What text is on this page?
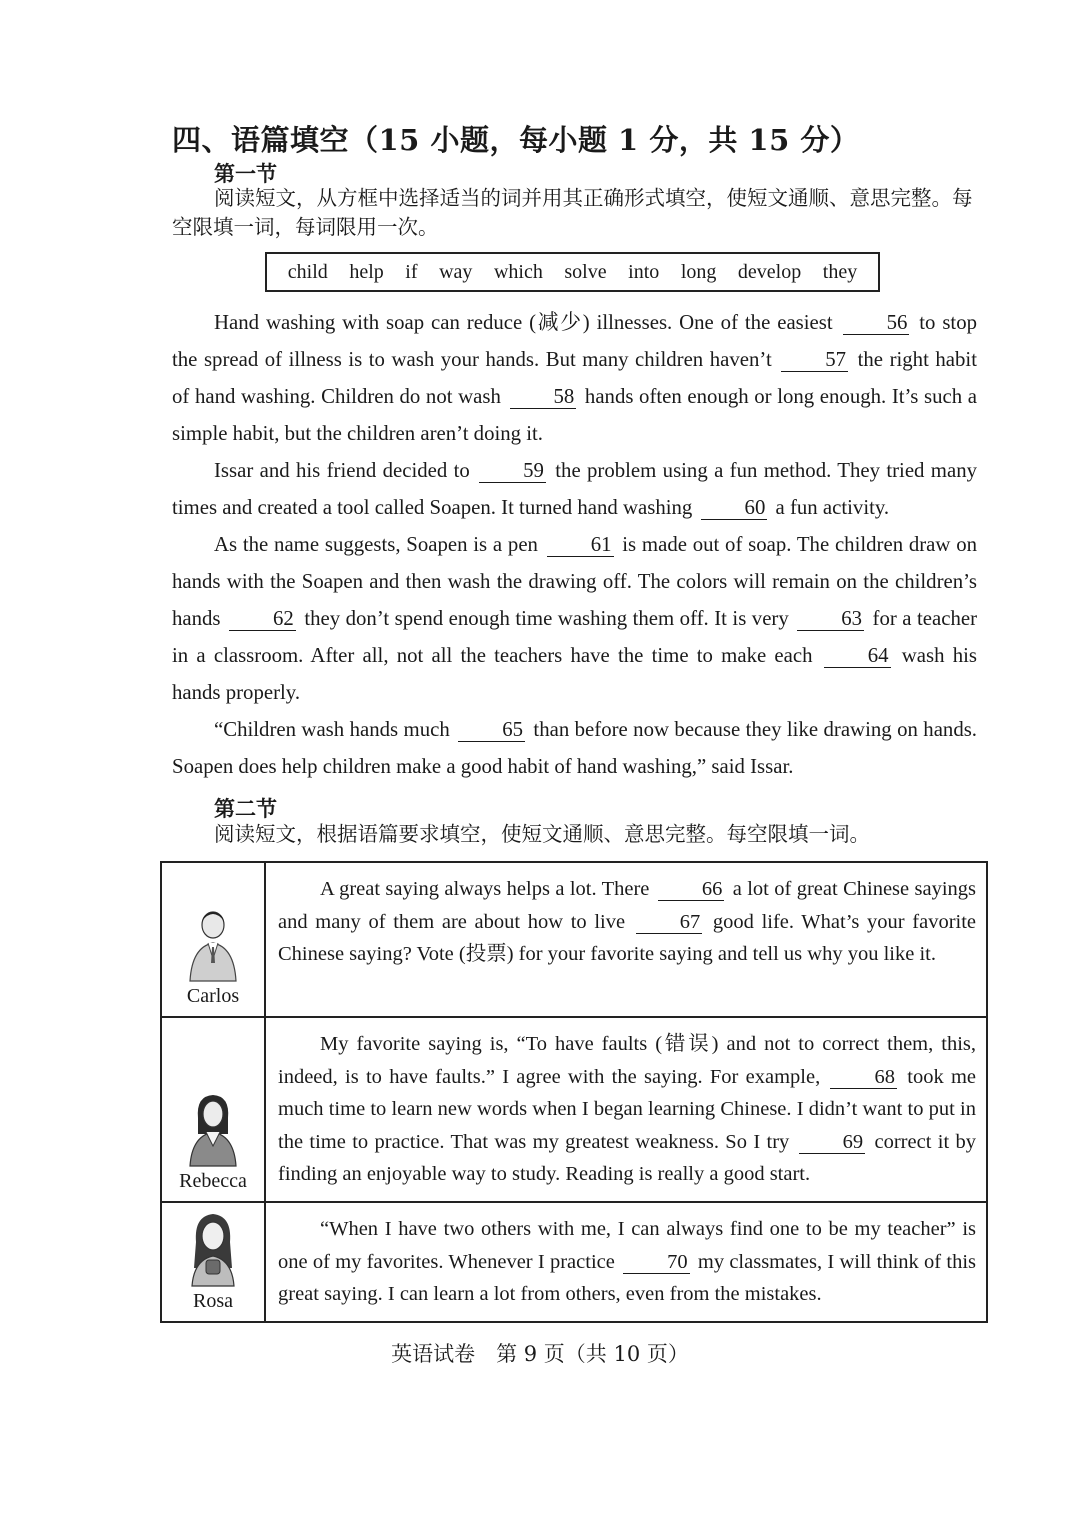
四、语篇填空（15 小题，每小题 1 分，共 15 分）
第一节

阅读短文，从方框中选择适当的词并用其正确形式填空，使短文通顺、意思完整。每空限填一词，每词限用一次。

child help if way which solve into long develop they

Hand washing with soap can reduce (减少) illnesses. One of the easiest	56 to stop the spread of illness is to wash your hands. But many children haven’t	57 the right habit of hand washing. Children do not wash	58 hands often enough or long enough. It’s such a simple habit, but the children aren’t doing it.

Issar and his friend decided to	59 the problem using a fun method. They tried many times and created a tool called Soapen. It turned hand washing	60 a fun activity.

As the name suggests, Soapen is a pen	61 is made out of soap. The children draw on hands with the Soapen and then wash the drawing off. The colors will remain on the children’s hands	62 they don’t spend enough time washing them off. It is very	63 for a teacher in a classroom. After all, not all the teachers have the time to make each	64 wash his hands properly.

“Children wash hands much	65 than before now because they like drawing on hands. Soapen does help children make a good habit of hand washing,” said Issar.

第二节

阅读短文，根据语篇要求填空，使短文通顺、意思完整。每空限填一词。

Carlos

A great saying always helps a lot. There	66 a lot of great Chinese sayings and many of them are about how to live	67 good life. What’s your favorite Chinese saying? Vote (投票) for your favorite saying and tell us why you like it.

Rebecca

My favorite saying is, “To have faults (错误) and not to correct them, this, indeed, is to have faults.” I agree with the saying. For example,	68 took me much time to learn new words when I began learning Chinese. I didn’t want to put in the time to practice. That was my greatest weakness. So I try	69 correct it by finding an enjoyable way to study. Reading is really a good start.

Rosa

“When I have two others with me, I can always find one to be my teacher” is one of my favorites. Whenever I practice	70 my classmates, I will think of this great saying. I can learn a lot from others, even from the mistakes.

英语试卷　第 9 页（共 10 页）
